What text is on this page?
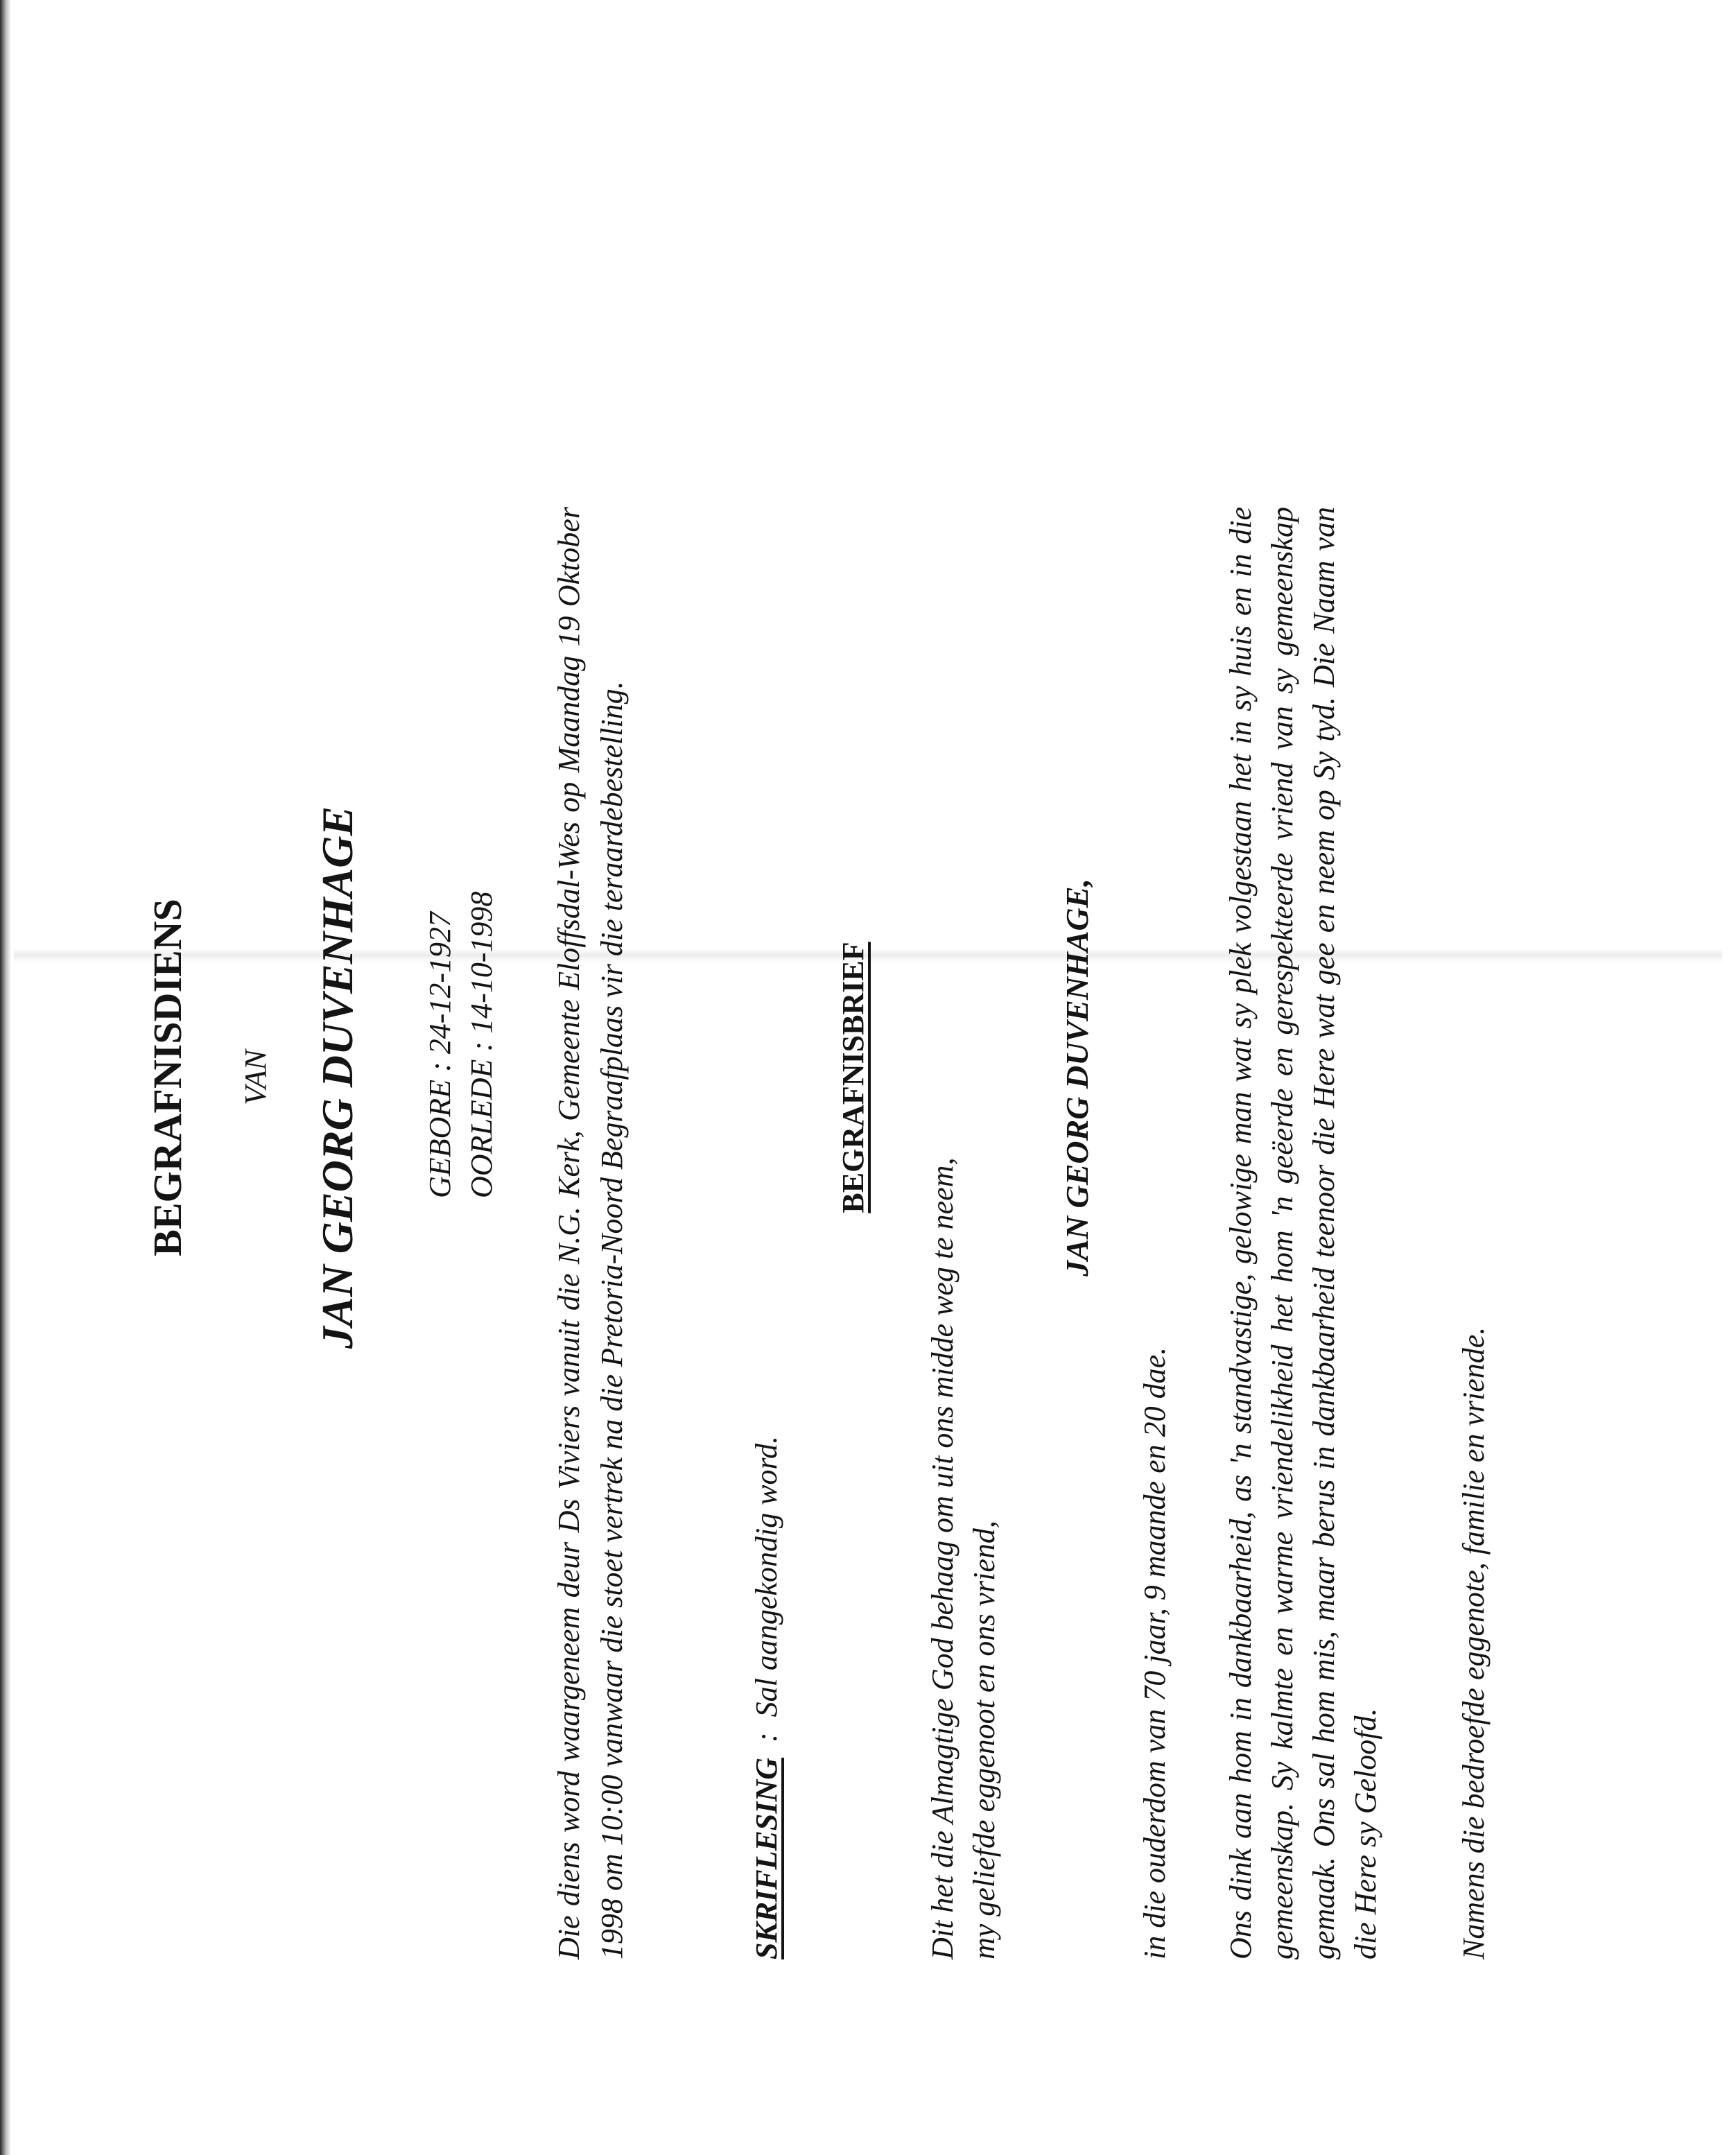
BEGRAFNISDIENS VAN JAN GEORG DUVENHAGE GEBORE : 24-12-1927
OORLEDE : 14-10-1998 Die diens word waargeneem deur Ds Viviers vanuit die N.G. Kerk, Gemeente Eloffsdal-Wes op Maandag 19 Oktober 1998 om 10:00 vanwaar die stoet vertrek na die Pretoria-Noord Begraafplaas vir die teraardebestelling.	SKRIFLESING  :  Sal aangekondig word.
BEGRAFNISBRIEF
Dit het die Almagtige God behaag om uit ons midde weg te neem, my geliefde eggenoot en ons vriend,
JAN GEORG DUVENHAGE,
in die ouderdom van 70 jaar, 9 maande en 20 dae. Ons dink aan hom in dankbaarheid, as 'n standvastige, gelowige man wat sy plek volgestaan het in sy huis en in die gemeenskap. Sy kalmte en warme vriendelikheid het hom 'n geëerde en gerespekteerde vriend van sy gemeenskap gemaak. Ons sal hom mis, maar berus in dankbaarheid teenoor die Here wat gee en neem op Sy tyd. Die Naam van die Here sy Geloofd. Namens die bedroefde eggenote, familie en vriende.
